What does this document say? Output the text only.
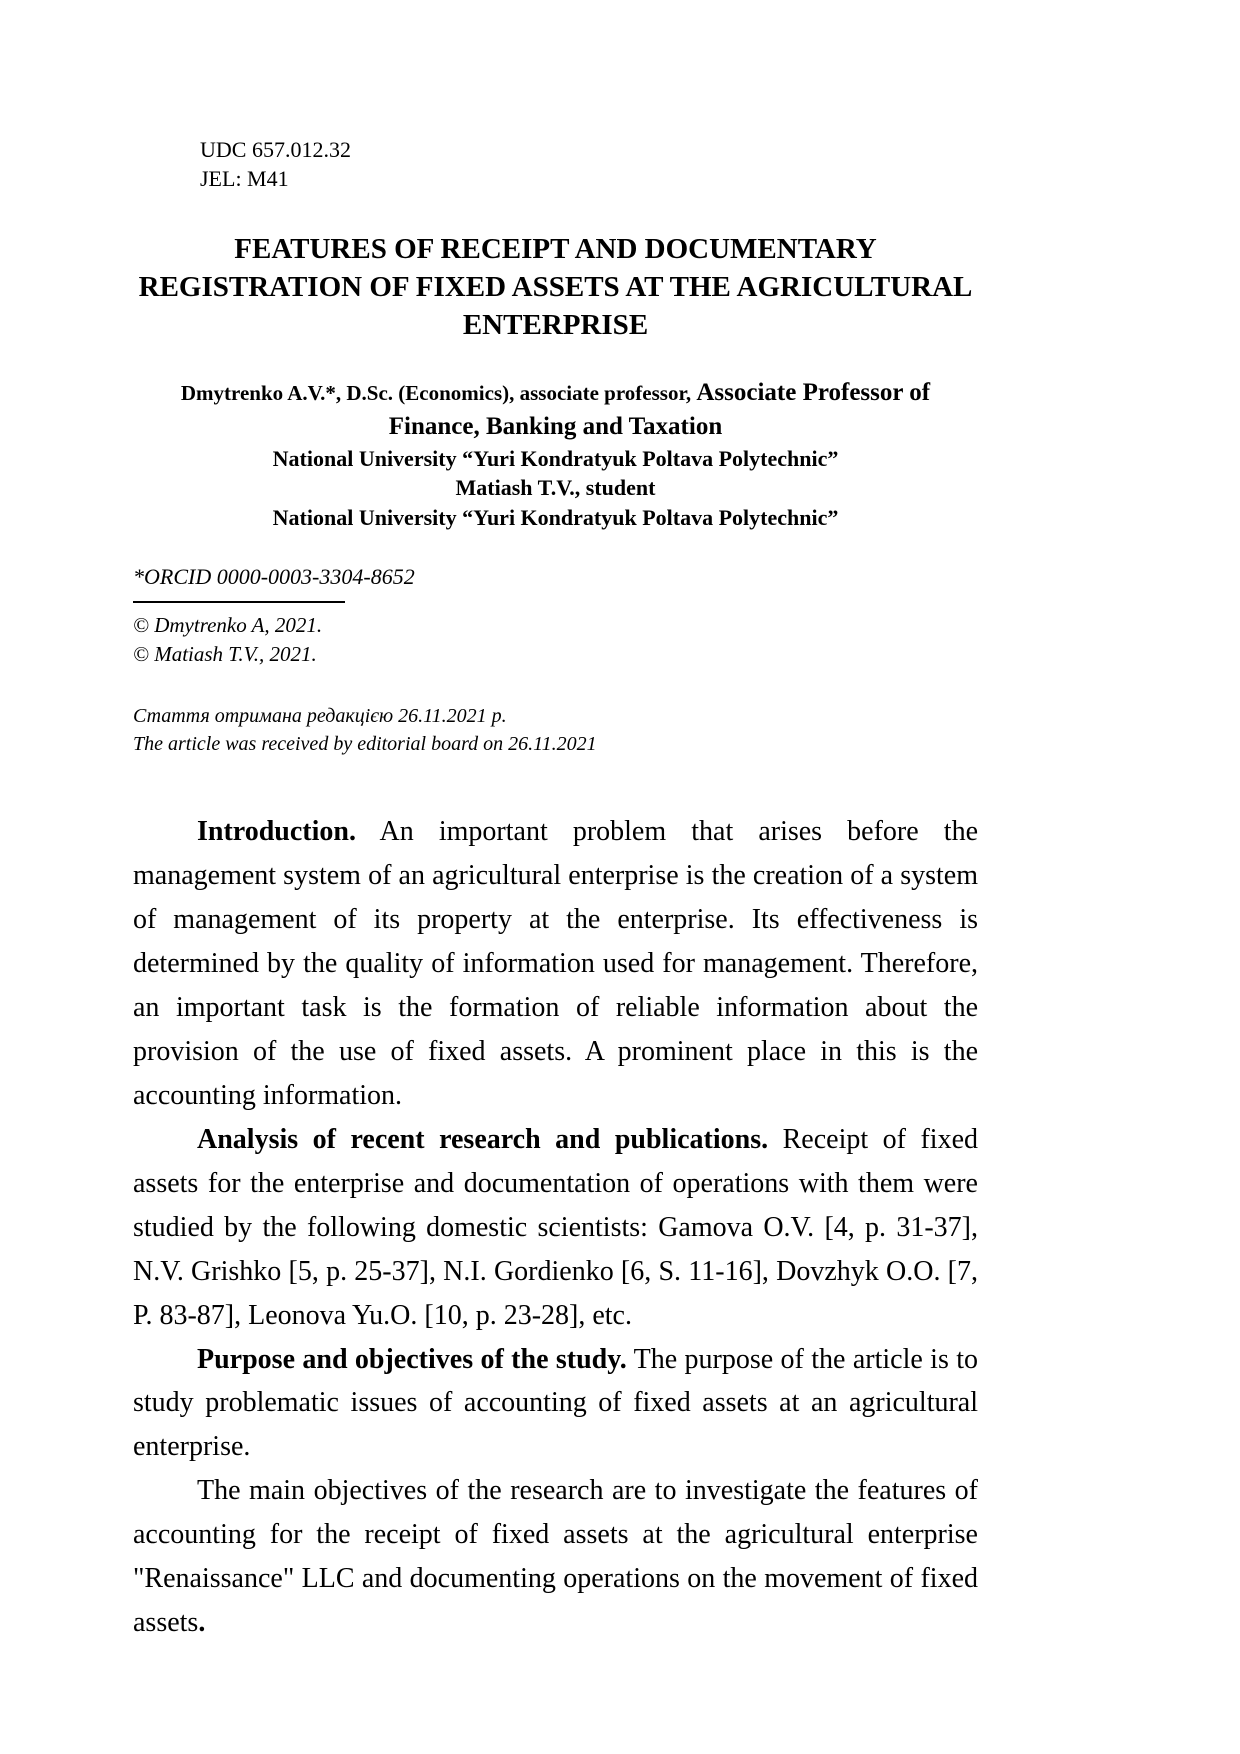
UDC 657.012.32
JEL: M41
FEATURES OF RECEIPT AND DOCUMENTARY REGISTRATION OF FIXED ASSETS AT THE AGRICULTURAL ENTERPRISE
Dmytrenko A.V.*, D.Sc. (Economics), associate professor, Associate Professor of Finance, Banking and Taxation
National University “Yuri Kondratyuk Poltava Polytechnic”
Matiash T.V., student
National University “Yuri Kondratyuk Poltava Polytechnic”
*ORCID 0000-0003-3304-8652
© Dmytrenko A, 2021.
© Matiash T.V., 2021.
Стаття отримана редакцією 26.11.2021 р.
The article was received by editorial board on 26.11.2021

Introduction. An important problem that arises before the management system of an agricultural enterprise is the creation of a system of management of its property at the enterprise. Its effectiveness is determined by the quality of information used for management. Therefore, an important task is the formation of reliable information about the provision of the use of fixed assets. A prominent place in this is the accounting information.

Analysis of recent research and publications. Receipt of fixed assets for the enterprise and documentation of operations with them were studied by the following domestic scientists: Gamova O.V. [4, p. 31-37], N.V. Grishko [5, p. 25-37], N.I. Gordienko [6, S. 11-16], Dovzhyk O.O. [7, P. 83-87], Leonova Yu.O. [10, p. 23-28], etc.

Purpose and objectives of the study. The purpose of the article is to study problematic issues of accounting of fixed assets at an agricultural enterprise.

The main objectives of the research are to investigate the features of accounting for the receipt of fixed assets at the agricultural enterprise "Renaissance" LLC and documenting operations on the movement of fixed assets.
